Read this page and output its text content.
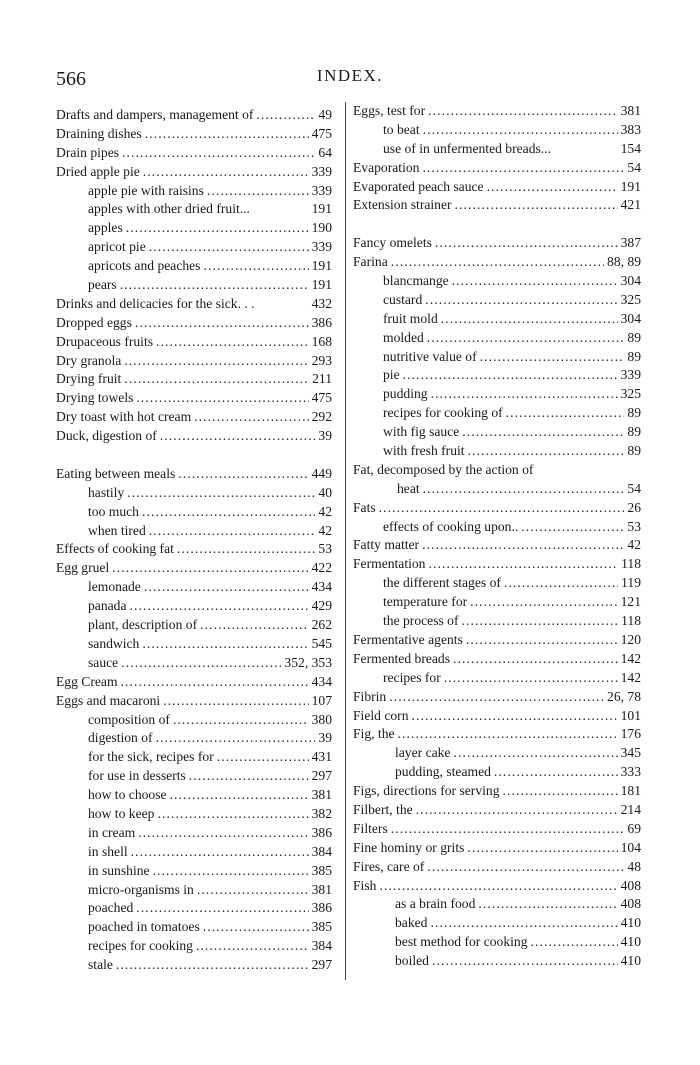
566	INDEX.
Drafts and dampers, management of .....	49
Draining dishes .....	475
Drain pipes .....	64
Dried apple pie .....	339
apple pie with raisins .....	339
apples with other dried fruit...	191
apples .....	190
apricot pie .....	339
apricots and peaches .....	191
pears .....	191
Drinks and delicacies for the sick. . .	432
Dropped eggs .....	386
Drupaceous fruits .....	168
Dry granola .....	293
Drying fruit .....	211
Drying towels .....	475
Dry toast with hot cream .....	292
Duck, digestion of .....	39
Eating between meals .....	449
hastily .....	40
too much .....	42
when tired .....	42
Effects of cooking fat .....	53
Egg gruel .....	422
lemonade .....	434
panada .....	429
plant, description of .....	262
sandwich .....	545
sauce .....	352, 353
Egg Cream .....	434
Eggs and macaroni .....	107
composition of .....	380
digestion of .....	39
for the sick, recipes for .....	431
for use in desserts .....	297
how to choose .....	381
how to keep .....	382
in cream .....	386
in shell .....	384
in sunshine .....	385
micro-organisms in .....	381
poached .....	386
poached in tomatoes .....	385
recipes for cooking .....	384
stale .....	297
Eggs, test for .....	381
to beat .....	383
use of in unfermented breads...	154
Evaporation .....	54
Evaporated peach sauce .....	191
Extension strainer .....	421
Fancy omelets .....	387
Farina .....	88, 89
blancmange .....	304
custard .....	325
fruit mold .....	304
molded .....	89
nutritive value of .....	89
pie .....	339
pudding .....	325
recipes for cooking of .....	89
with fig sauce .....	89
with fresh fruit .....	89
Fat, decomposed by the action of
heat .....	54
Fats .....	26
effects of cooking upon.. .....	53
Fatty matter .....	42
Fermentation .....	118
the different stages of .....	119
temperature for .....	121
the process of .....	118
Fermentative agents .....	120
Fermented breads .....	142
recipes for .....	142
Fibrin .....	26, 78
Field corn .....	101
Fig, the .....	176
layer cake .....	345
pudding, steamed .....	333
Figs, directions for serving .....	181
Filbert, the .....	214
Filters .....	69
Fine hominy or grits .....	104
Fires, care of .....	48
Fish .....	408
as a brain food .....	408
baked .....	410
best method for cooking .....	410
boiled .....	410
